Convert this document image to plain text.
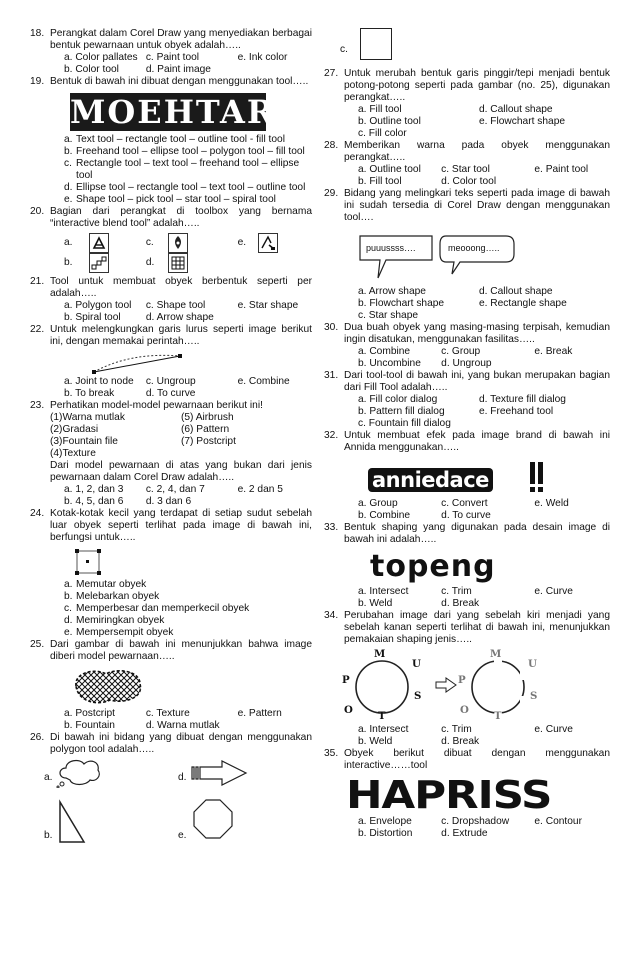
18. Perangkat dalam Corel Draw yang menyediakan berbagai bentuk pewarnaan untuk obyek adalah…..
a. Color pallates c. Paint tool	e. Ink color
b. Color tool	d. Paint image
19. Bentuk di bawah ini dibuat dengan menggunakan tool…..
MOEHTAR
a. Text tool – rectangle tool – outline tool - fill tool
b. Freehand tool – ellipse tool – polygon tool – fill tool
c. Rectangle tool – text tool – freehand tool – ellipse tool
d. Ellipse tool – rectangle tool – text tool – outline tool
e. Shape tool – pick tool – star tool – spiral tool
20. Bagian dari perangkat di toolbox yang bernama “interactive blend tool” adalah…..
a.	c.	e.
b.	d.
21. Tool untuk membuat obyek berbentuk seperti per adalah…..
a. Polygon tool	c. Shape tool	e. Star shape
b. Spiral tool	d. Arrow shape
22. Untuk melengkungkan garis lurus seperti image berikut ini, dengan memakai perintah…..
a. Joint to node	c. Ungroup	e. Combine
b. To break	d. To curve
23. Perhatikan model-model pewarnaan berikut ini!
(1)Warna mutlak	(5) Airbrush
(2)Gradasi	(6) Pattern
(3)Fountain file	(7) Postcript
(4)Texture
Dari model pewarnaan di atas yang bukan dari jenis pewarnaan dalam Corel Draw adalah…..
a. 1, 2, dan 3	c. 2, 4, dan 7	e. 2 dan 5
b. 4, 5, dan 6	d. 3 dan 6
24. Kotak-kotak kecil yang terdapat di setiap sudut sebelah luar obyek seperti terlihat pada image di bawah ini, berfungsi untuk…..
a. Memutar obyek
b. Melebarkan obyek
c. Memperbesar dan memperkecil obyek
d. Memiringkan obyek
e. Mempersempit obyek
25. Dari gambar di bawah ini menunjukkan bahwa image diberi model pewarnaan…..
a. Postcript	c. Texture	e. Pattern
b. Fountain	d. Warna mutlak
26. Di bawah ini bidang yang dibuat dengan menggunakan polygon tool adalah…..
a.	d.
b.	e.
c.
27. Untuk merubah bentuk garis pinggir/tepi menjadi bentuk potong-potong seperti pada gambar (no. 25), digunakan perangkat…..
a. Fill tool	d. Callout shape
b. Outline tool	e. Flowchart shape
c. Fill color
28. Memberikan warna pada obyek menggunakan perangkat…..
a. Outline tool	c. Star tool	e. Paint tool
b. Fill tool	d. Color tool
29. Bidang yang melingkari teks seperti pada image di bawah ini sudah tersedia di Corel Draw dengan menggunakan tool….
puuussss….	meooong…..
a. Arrow shape	d. Callout shape
b. Flowchart shape	e. Rectangle shape
c. Star shape
30. Dua buah obyek yang masing-masing terpisah, kemudian ingin disatukan, menggunakan fasilitas…..
a. Combine	c. Group	e. Break
b. Uncombine	d. Ungroup
31. Dari tool-tool di bawah ini, yang bukan merupakan bagian dari Fill Tool adalah…..
a. Fill color dialog	d. Texture fill dialog
b. Pattern fill dialog	e. Freehand tool
c. Fountain fill dialog
32. Untuk membuat efek pada image brand di bawah ini Annida menggunakan…..
anniedace
a. Group	c. Convert	e. Weld
b. Combine	d. To curve
33. Bentuk shaping yang digunakan pada desain image di bawah ini adalah…..
topeng
a. Intersect	c. Trim	e. Curve
b. Weld	d. Break
34. Perubahan image dari yang sebelah kiri menjadi yang sebelah kanan seperti terlihat di bawah ini, menunjukkan pemakaian shaping jenis…..
M
U
S
T
O
P
M
U
S
T
O
P
a. Intersect	c. Trim	e. Curve
b. Weld	d. Break
35. Obyek berikut dibuat dengan menggunakan interactive……tool
HAPRISS
a. Envelope	c. Dropshadow	e. Contour
b. Distortion	d. Extrude
